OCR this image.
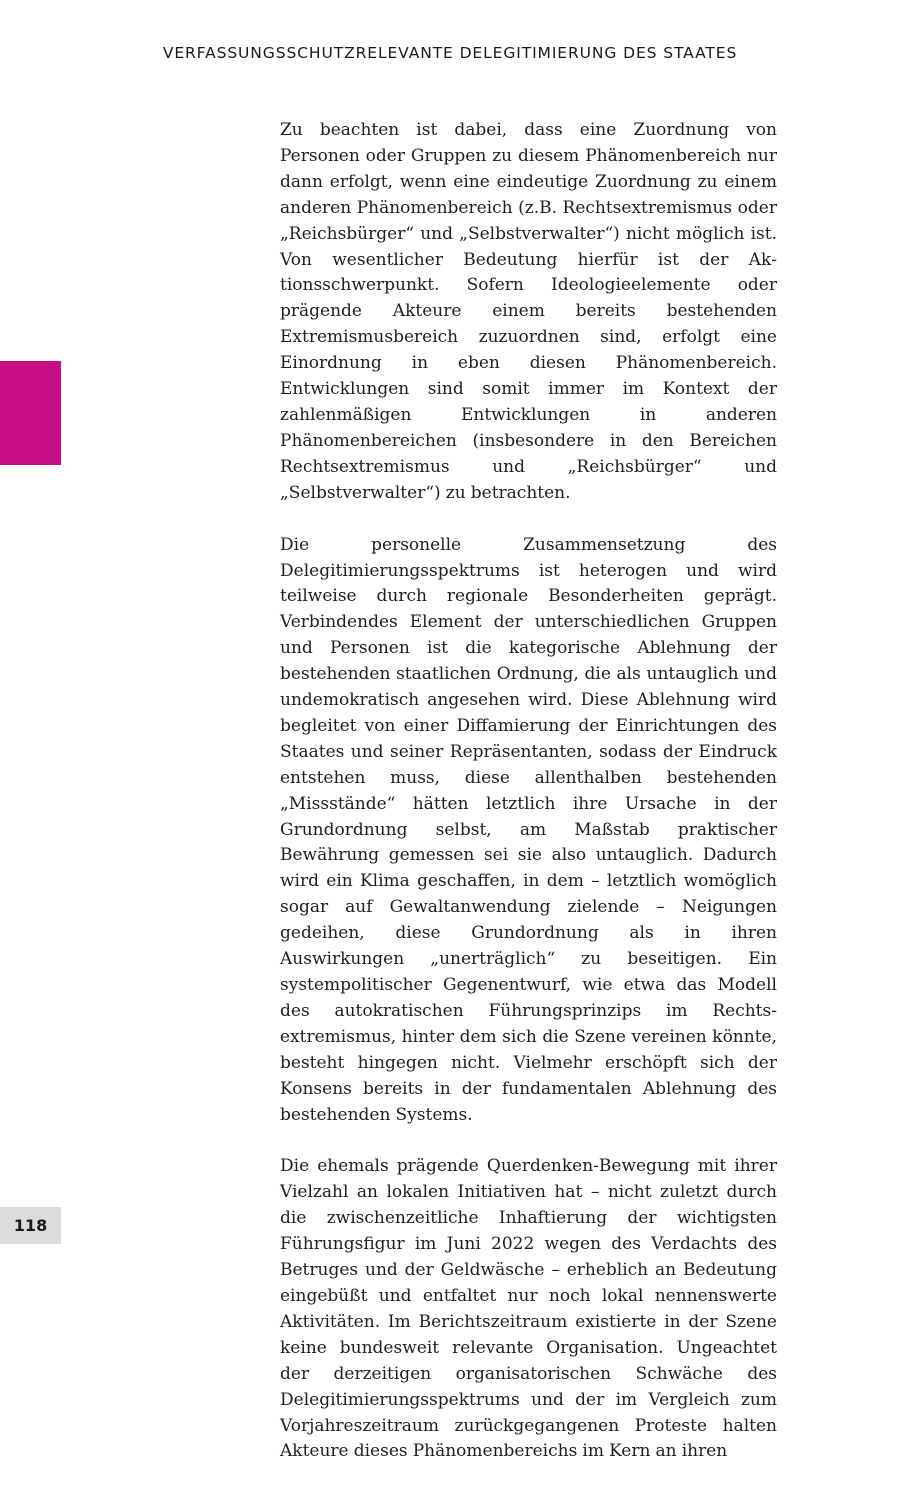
VERFASSUNGSSCHUTZRELEVANTE DELEGITIMIERUNG DES STAATES

Zu beachten ist dabei, dass eine Zuordnung von Personen oder Gruppen zu diesem Phänomenbereich nur dann erfolgt, wenn eine eindeutige Zuordnung zu einem anderen Phänomenbereich (z.B. Rechtsextremismus oder „Reichsbürger“ und „Selbstverwalter“) nicht möglich ist. Von wesentlicher Bedeutung hierfür ist der Aktionsschwerpunkt. Sofern Ideologieelemente oder prägende Akteure einem bereits bestehenden Extremismusbereich zuzuordnen sind, erfolgt eine Einordnung in eben diesen Phänomenbereich. Entwicklungen sind somit immer im Kontext der zahlenmäßigen Entwicklungen in anderen Phänomenbereichen (insbesondere in den Bereichen Rechtsextremismus und „Reichsbürger“ und „Selbstverwalter“) zu betrachten.

Die personelle Zusammensetzung des Delegitimierungsspektrums ist heterogen und wird teilweise durch regionale Besonderheiten geprägt. Verbindendes Element der unterschiedlichen Gruppen und Personen ist die kategorische Ablehnung der bestehenden staatlichen Ordnung, die als untauglich und undemokratisch angesehen wird. Diese Ablehnung wird begleitet von einer Diffamierung der Einrichtungen des Staates und seiner Repräsentanten, sodass der Eindruck entstehen muss, diese allenthalben bestehenden „Missstände“ hätten letztlich ihre Ursache in der Grundordnung selbst, am Maßstab praktischer Bewährung gemessen sei sie also untauglich. Dadurch wird ein Klima geschaffen, in dem – letztlich womöglich sogar auf Gewaltanwendung zielende – Neigungen gedeihen, diese Grundordnung als in ihren Auswirkungen „unerträglich“ zu beseitigen. Ein systempolitischer Gegenentwurf, wie etwa das Modell des autokratischen Führungsprinzips im Rechtsextremismus, hinter dem sich die Szene vereinen könnte, besteht hingegen nicht. Vielmehr erschöpft sich der Konsens bereits in der fundamentalen Ablehnung des bestehenden Systems.

Die ehemals prägende Querdenken-Bewegung mit ihrer Vielzahl an lokalen Initiativen hat – nicht zuletzt durch die zwischenzeitliche Inhaftierung der wichtigsten Führungsfigur im Juni 2022 wegen des Verdachts des Betruges und der Geldwäsche – erheblich an Bedeutung eingebüßt und entfaltet nur noch lokal nennenswerte Aktivitäten. Im Berichtszeitraum existierte in der Szene keine bundesweit relevante Organisation. Ungeachtet der derzeitigen organisatorischen Schwäche des Delegitimierungsspektrums und der im Vergleich zum Vorjahreszeitraum zurückgegangenen Proteste halten Akteure dieses Phänomenbereichs im Kern an ihren

118
